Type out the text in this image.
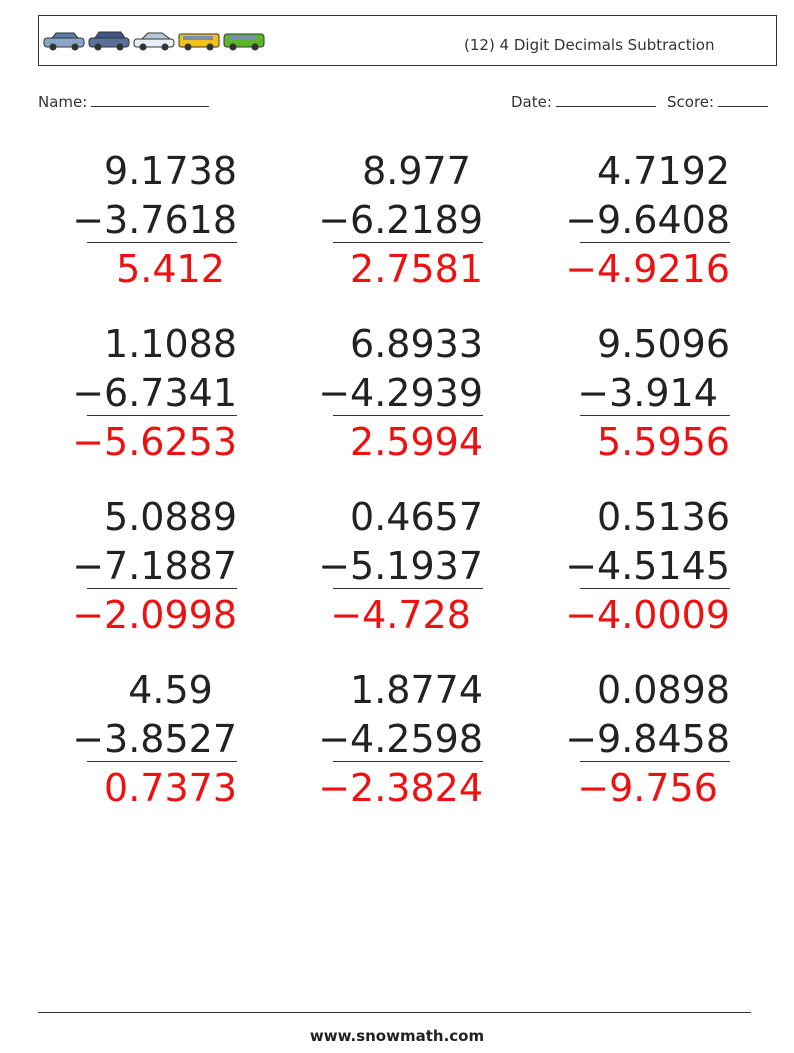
(12) 4 Digit Decimals Subtraction
Name:	Date:	Score:
9.1738
−3.7618
5.412
8.977
−6.2189
2.7581
4.7192
−9.6408
−4.9216
1.1088
−6.7341
−5.6253
6.8933
−4.2939
2.5994
9.5096
−3.914
5.5956
5.0889
−7.1887
−2.0998
0.4657
−5.1937
−4.728
0.5136
−4.5145
−4.0009
4.59
−3.8527
0.7373
1.8774
−4.2598
−2.3824
0.0898
−9.8458
−9.756
www.snowmath.com
